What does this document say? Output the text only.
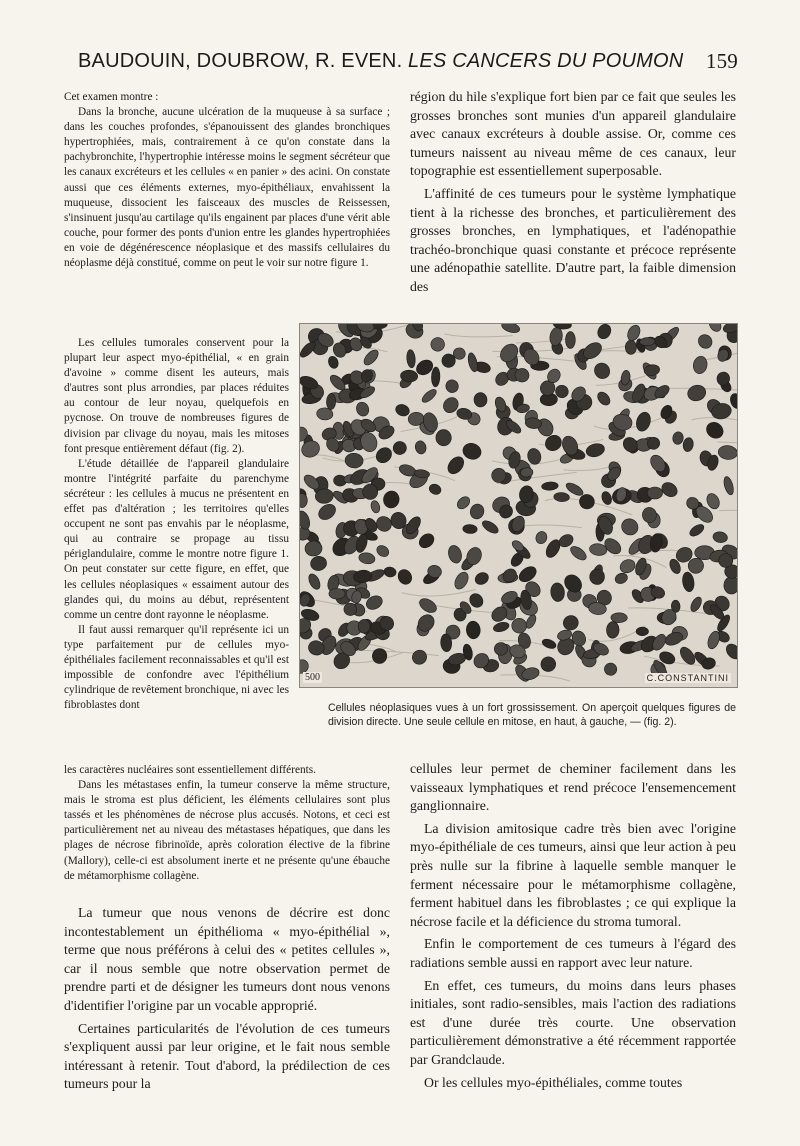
BAUDOUIN, DOUBROW, R. EVEN. LES CANCERS DU POUMON 159

Cet examen montre :

Dans la bronche, aucune ulcération de la muqueuse à sa surface ; dans les couches profondes, s'épanouissent des glandes bronchiques hypertrophiées, mais, contrairement à ce qu'on constate dans la pachybronchite, l'hypertrophie intéresse moins le segment sécréteur que les canaux excréteurs et les cellules « en panier » des acini. On constate aussi que ces éléments externes, myo-épithéliaux, envahissent la muqueuse, dissocient les faisceaux des muscles de Reissessen, s'insinuent jusqu'au cartilage qu'ils engainent par places d'une vérit able couche, pour former des ponts d'union entre les glandes hypertrophiées en voie de dégénérescence néoplasique et des massifs cellulaires du néoplasme déjà constitué, comme on peut le voir sur notre figure 1.

Les cellules tumorales conservent pour la plupart leur aspect myo-épithélial, « en grain d'avoine » comme disent les auteurs, mais d'autres sont plus arrondies, par places réduites au contour de leur noyau, quelquefois en pycnose. On trouve de nombreuses figures de division par clivage du noyau, mais les mitoses font presque entièrement défaut (fig. 2).

L'étude détaillée de l'appareil glandulaire montre l'intégrité parfaite du parenchyme sécréteur : les cellules à mucus ne présentent en effet pas d'altération ; les territoires qu'elles occupent ne sont pas envahis par le néoplasme, qui au contraire se propage au tissu périglandulaire, comme le montre notre figure 1. On peut constater sur cette figure, en effet, que les cellules néoplasiques « essaiment autour des glandes qui, du moins au début, représentent comme un centre dont rayonne le néoplasme.

Il faut aussi remarquer qu'il représente ici un type parfaitement pur de cellules myo-épithéliales facilement reconnaissables et qu'il est impossible de confondre avec l'épithélium cylindrique de revêtement bronchique, ni avec les fibroblastes dont

les caractères nucléaires sont essentiellement différents.

Dans les métastases enfin, la tumeur conserve la même structure, mais le stroma est plus déficient, les éléments cellulaires sont plus tassés et les phénomènes de nécrose plus accusés. Notons, et ceci est particulièrement net au niveau des métastases hépatiques, que dans les plages de nécrose fibrinoïde, après coloration élective de la fibrine (Mallory), celle-ci est absolument inerte et ne présente qu'une ébauche de métamorphisme collagène.

La tumeur que nous venons de décrire est donc incontestablement un épithélioma « myo-épithélial », terme que nous préférons à celui des « petites cellules », car il nous semble que notre observation permet de prendre parti et de désigner les tumeurs dont nous venons d'identifier l'origine par un vocable approprié.

Certaines particularités de l'évolution de ces tumeurs s'expliquent aussi par leur origine, et le fait nous semble intéressant à retenir. Tout d'abord, la prédilection de ces tumeurs pour la

région du hile s'explique fort bien par ce fait que seules les grosses bronches sont munies d'un appareil glandulaire avec canaux excréteurs à double assise. Or, comme ces tumeurs naissent au niveau même de ces canaux, leur topographie est essentiellement superposable.

L'affinité de ces tumeurs pour le système lymphatique tient à la richesse des bronches, et particulièrement des grosses bronches, en lymphatiques, et l'adénopathie trachéo-bronchique quasi constante et précoce représente une adénopathie satellite. D'autre part, la faible dimension des

500	C.CONSTANTINI
Cellules néoplasiques vues à un fort grossissement. On aperçoit quelques figures de division directe. Une seule cellule en mitose, en haut, à gauche, — (fig. 2).

cellules leur permet de cheminer facilement dans les vaisseaux lymphatiques et rend précoce l'ensemencement ganglionnaire.

La division amitosique cadre très bien avec l'origine myo-épithéliale de ces tumeurs, ainsi que leur action à peu près nulle sur la fibrine à laquelle semble manquer le ferment nécessaire pour le métamorphisme collagène, ferment habituel dans les fibroblastes ; ce qui explique la nécrose facile et la déficience du stroma tumoral.

Enfin le comportement de ces tumeurs à l'égard des radiations semble aussi en rapport avec leur nature.

En effet, ces tumeurs, du moins dans leurs phases initiales, sont radio-sensibles, mais l'action des radiations est d'une durée très courte. Une observation particulièrement démonstrative a été récemment rapportée par Grandclaude.

Or les cellules myo-épithéliales, comme toutes
